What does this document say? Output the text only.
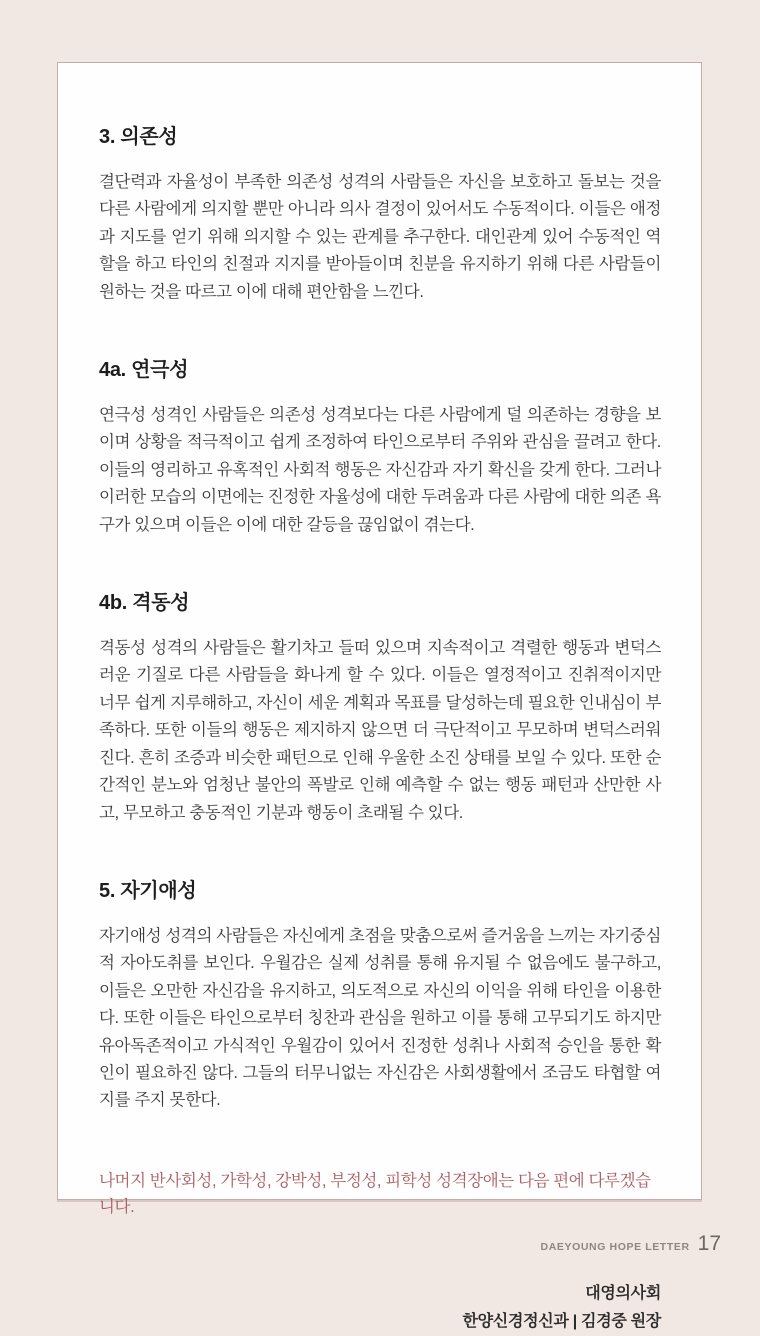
3. 의존성

결단력과 자율성이 부족한 의존성 성격의 사람들은 자신을 보호하고 돌보는 것을 다른 사람에게 의지할 뿐만 아니라 의사 결정이 있어서도 수동적이다. 이들은 애정과 지도를 얻기 위해 의지할 수 있는 관계를 추구한다. 대인관계 있어 수동적인 역할을 하고 타인의 친절과 지지를 받아들이며 친분을 유지하기 위해 다른 사람들이 원하는 것을 따르고 이에 대해 편안함을 느낀다.

4a. 연극성

연극성 성격인 사람들은 의존성 성격보다는 다른 사람에게 덜 의존하는 경향을 보이며 상황을 적극적이고 쉽게 조정하여 타인으로부터 주위와 관심을 끌려고 한다. 이들의 영리하고 유혹적인 사회적 행동은 자신감과 자기 확신을 갖게 한다. 그러나 이러한 모습의 이면에는 진정한 자율성에 대한 두려움과 다른 사람에 대한 의존 욕구가 있으며 이들은 이에 대한 갈등을 끊임없이 겪는다.

4b. 격동성

격동성 성격의 사람들은 활기차고 들떠 있으며 지속적이고 격렬한 행동과 변덕스러운 기질로 다른 사람들을 화나게 할 수 있다. 이들은 열정적이고 진취적이지만 너무 쉽게 지루해하고, 자신이 세운 계획과 목표를 달성하는데 필요한 인내심이 부족하다. 또한 이들의 행동은 제지하지 않으면 더 극단적이고 무모하며 변덕스러워진다. 흔히 조증과 비슷한 패턴으로 인해 우울한 소진 상태를 보일 수 있다. 또한 순간적인 분노와 엄청난 불안의 폭발로 인해 예측할 수 없는 행동 패턴과 산만한 사고, 무모하고 충동적인 기분과 행동이 초래될 수 있다.

5. 자기애성

자기애성 성격의 사람들은 자신에게 초점을 맞춤으로써 즐거움을 느끼는 자기중심적 자아도취를 보인다. 우월감은 실제 성취를 통해 유지될 수 없음에도 불구하고, 이들은 오만한 자신감을 유지하고, 의도적으로 자신의 이익을 위해 타인을 이용한다. 또한 이들은 타인으로부터 칭찬과 관심을 원하고 이를 통해 고무되기도 하지만 유아독존적이고 가식적인 우월감이 있어서 진정한 성취나 사회적 승인을 통한 확인이 필요하진 않다. 그들의 터무니없는 자신감은 사회생활에서 조금도 타협할 여지를 주지 못한다.

나머지 반사회성, 가학성, 강박성, 부정성, 피학성 성격장애는 다음 편에 다루겠습니다.

대영의사회
한양신경정신과 | 김경중 원장
DAEYOUNG HOPE LETTER 17
